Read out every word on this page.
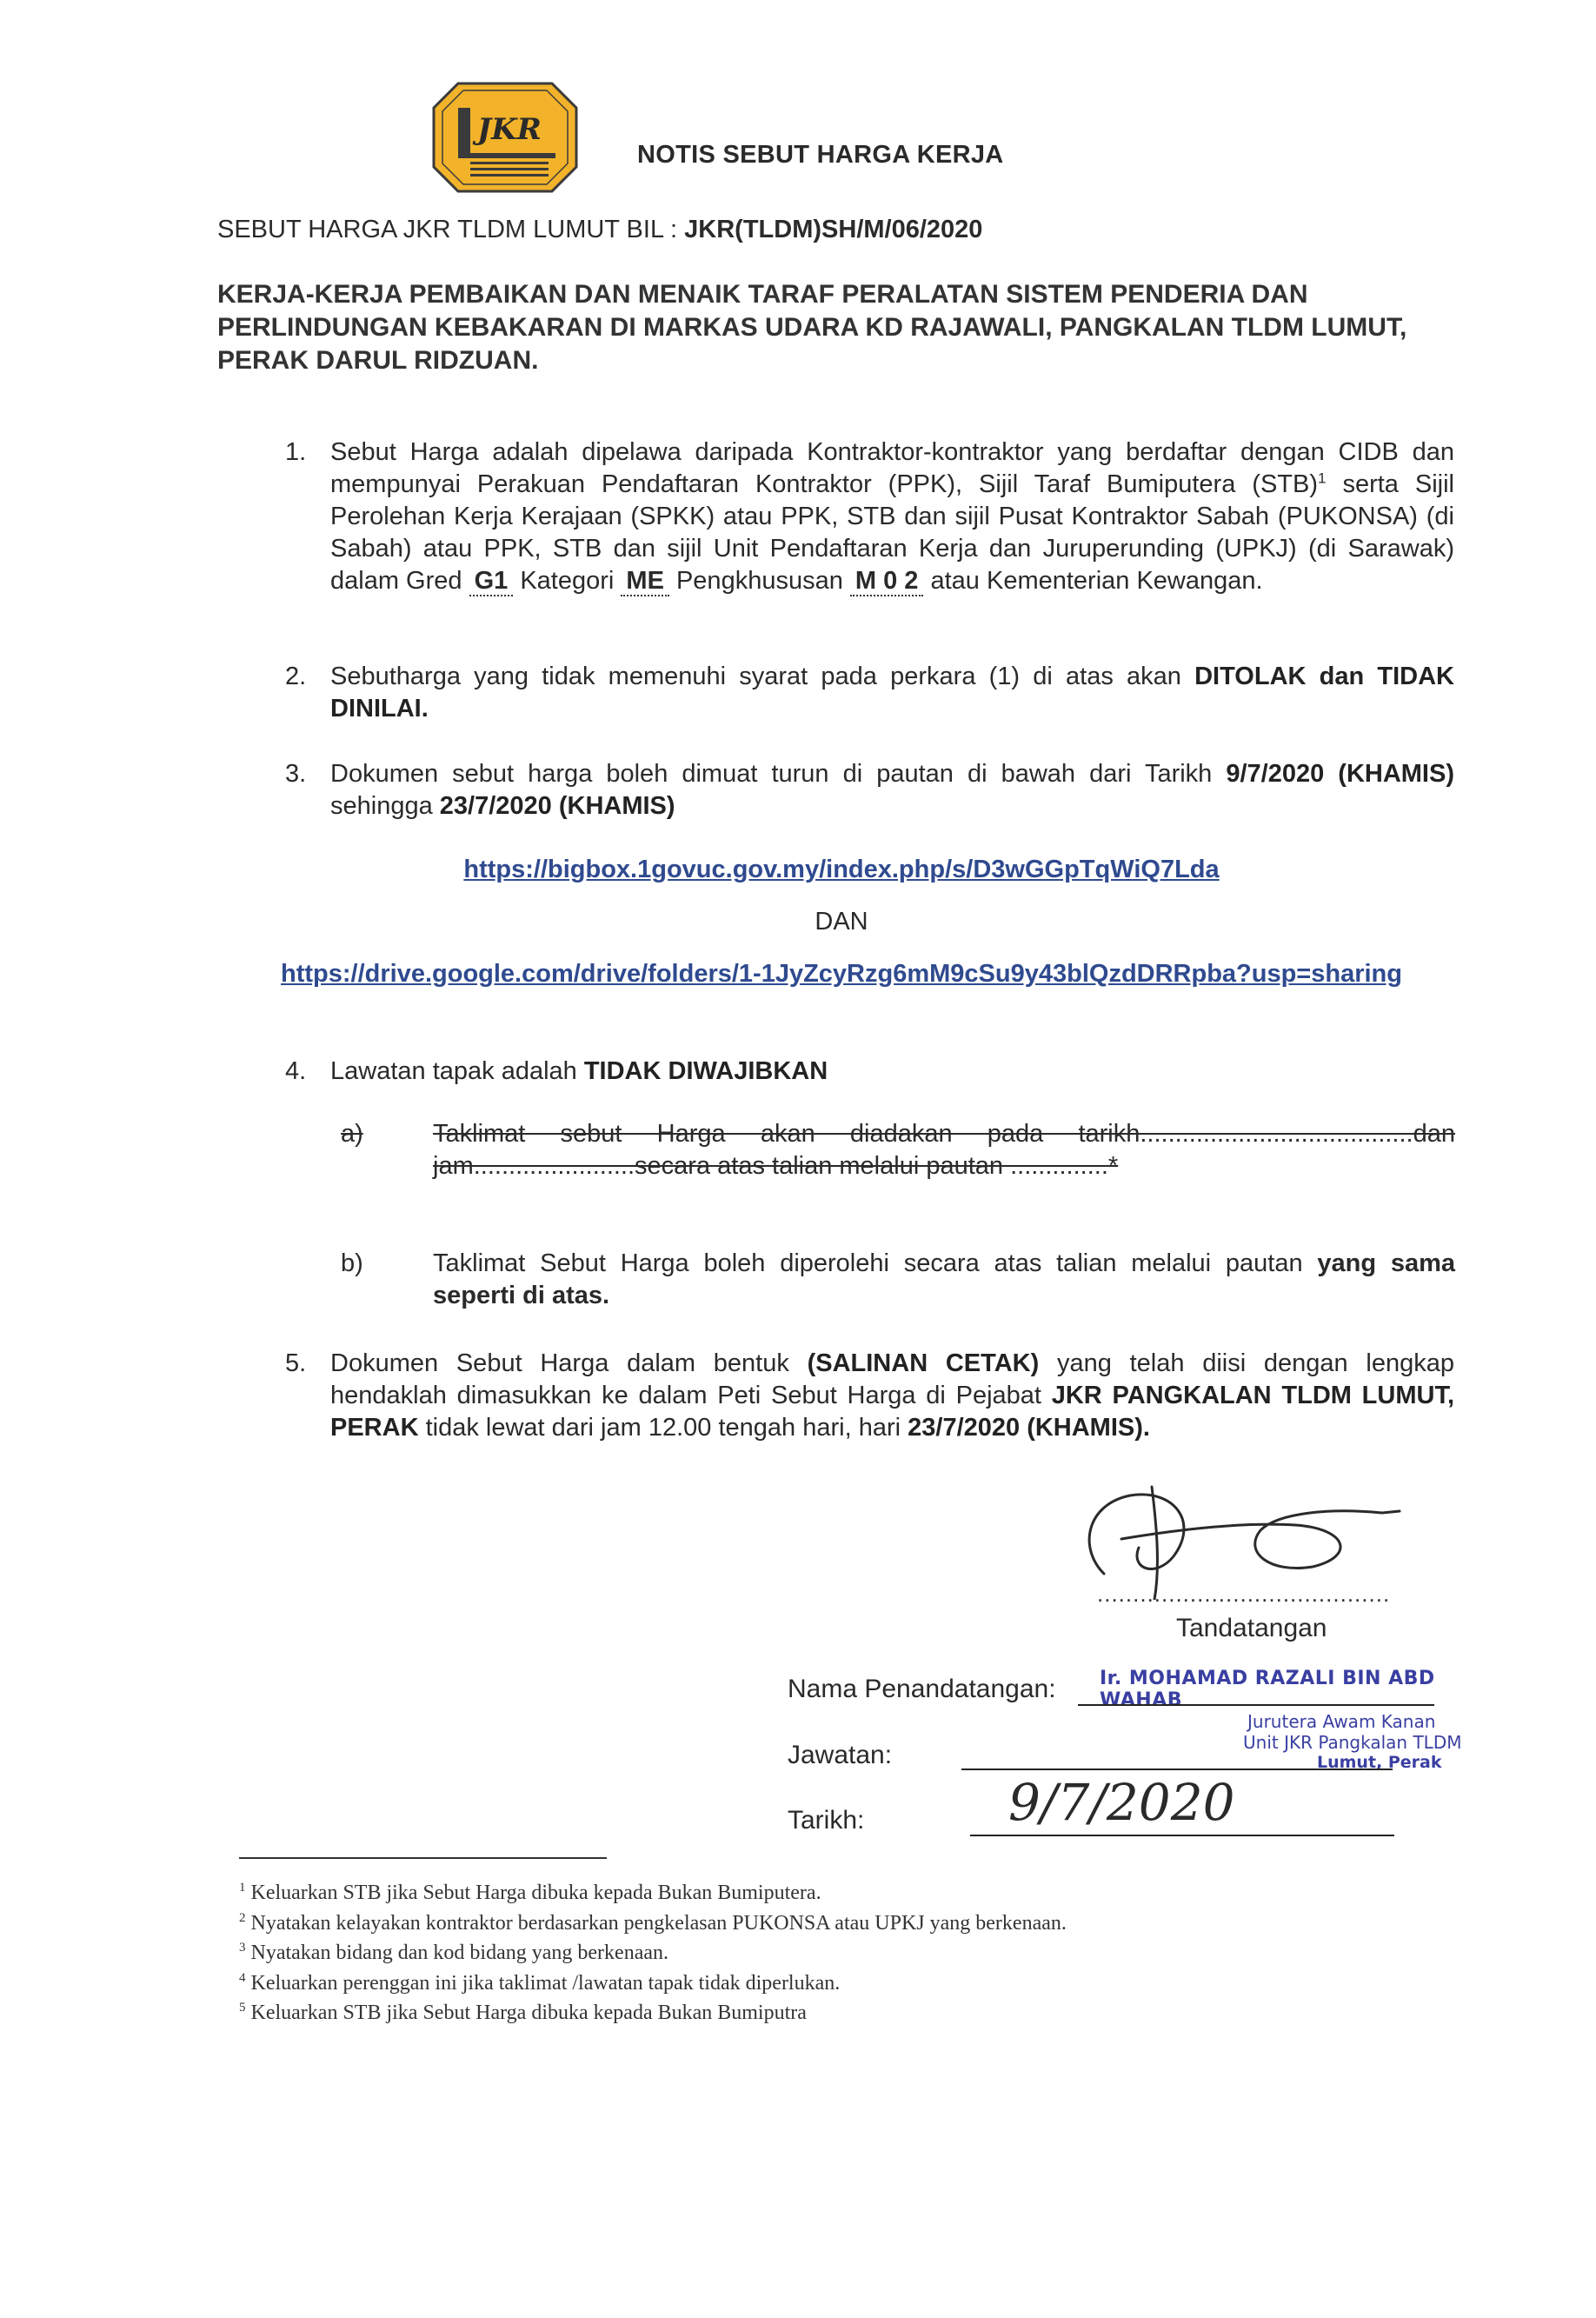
JKR
NOTIS SEBUT HARGA KERJA
SEBUT HARGA JKR TLDM LUMUT BIL : JKR(TLDM)SH/M/06/2020
KERJA-KERJA PEMBAIKAN DAN MENAIK TARAF PERALATAN SISTEM PENDERIA DAN PERLINDUNGAN KEBAKARAN DI MARKAS UDARA KD RAJAWALI, PANGKALAN TLDM LUMUT, PERAK DARUL RIDZUAN.
1. Sebut Harga adalah dipelawa daripada Kontraktor-kontraktor yang berdaftar dengan CIDB dan mempunyai Perakuan Pendaftaran Kontraktor (PPK), Sijil Taraf Bumiputera (STB)$^1$ serta Sijil Perolehan Kerja Kerajaan (SPKK) atau PPK, STB dan sijil Pusat Kontraktor Sabah (PUKONSA) (di Sabah) atau PPK, STB dan sijil Unit Pendaftaran Kerja dan Juruperunding (UPKJ) (di Sarawak) dalam Gred G1 Kategori ME Pengkhususan M 0 2 atau Kementerian Kewangan.
2. Sebutharga yang tidak memenuhi syarat pada perkara (1) di atas akan DITOLAK dan TIDAK DINILAI.
3. Dokumen sebut harga boleh dimuat turun di pautan di bawah dari Tarikh 9/7/2020 (KHAMIS) sehingga 23/7/2020 (KHAMIS)
https://bigbox.1govuc.gov.my/index.php/s/D3wGGpTqWiQ7Lda
DAN
https://drive.google.com/drive/folders/1-1JyZcyRzg6mM9cSu9y43blQzdDRRpba?usp=sharing
4. Lawatan tapak adalah TIDAK DIWAJIBKAN
a)	Taklimat sebut Harga akan diadakan pada tarikh.......................................dan jam.......................secara atas talian melalui pautan ..............*
b)	Taklimat Sebut Harga boleh diperolehi secara atas talian melalui pautan yang sama seperti di atas.
5. Dokumen Sebut Harga dalam bentuk (SALINAN CETAK) yang telah diisi dengan lengkap hendaklah dimasukkan ke dalam Peti Sebut Harga di Pejabat JKR PANGKALAN TLDM LUMUT, PERAK tidak lewat dari jam 12.00 tengah hari, hari 23/7/2020 (KHAMIS).
.........................................
Tandatangan
Nama Penandatangan:
Jawatan:
Tarikh:
Ir. MOHAMAD RAZALI BIN ABD WAHAB
Jurutera Awam Kanan
Unit JKR Pangkalan TLDM
Lumut, Perak
9/7/2020
$^1$ Keluarkan STB jika Sebut Harga dibuka kepada Bukan Bumiputera.
$^2$ Nyatakan kelayakan kontraktor berdasarkan pengkelasan PUKONSA atau UPKJ yang berkenaan.
$^3$ Nyatakan bidang dan kod bidang yang berkenaan.
$^4$ Keluarkan perenggan ini jika taklimat /lawatan tapak tidak diperlukan.
$^5$ Keluarkan STB jika Sebut Harga dibuka kepada Bukan Bumiputra
